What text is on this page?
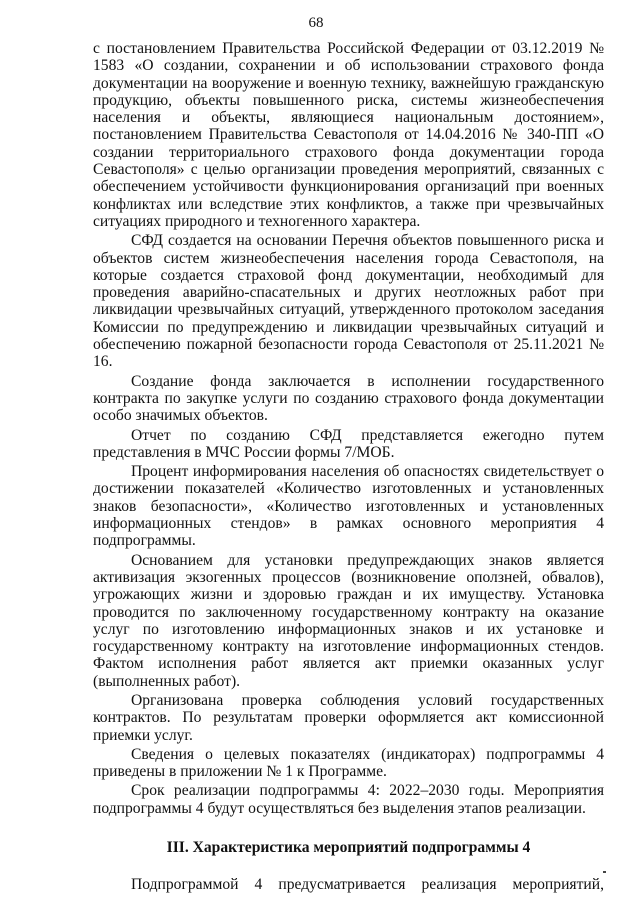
68

с постановлением Правительства Российской Федерации от 03.12.2019 № 1583 «О создании, сохранении и об использовании страхового фонда документации на вооружение и военную технику, важнейшую гражданскую продукцию, объекты повышенного риска, системы жизнеобеспечения населения и объекты, являющиеся национальным достоянием», постановлением Правительства Севастополя от 14.04.2016 № 340-ПП «О создании территориального страхового фонда документации города Севастополя» с целью организации проведения мероприятий, связанных с обеспечением устойчивости функционирования организаций при военных конфликтах или вследствие этих конфликтов, а также при чрезвычайных ситуациях природного и техногенного характера.

СФД создается на основании Перечня объектов повышенного риска и объектов систем жизнеобеспечения населения города Севастополя, на которые создается страховой фонд документации, необходимый для проведения аварийно-спасательных и других неотложных работ при ликвидации чрезвычайных ситуаций, утвержденного протоколом заседания Комиссии по предупреждению и ликвидации чрезвычайных ситуаций и обеспечению пожарной безопасности города Севастополя от 25.11.2021 № 16.

Создание фонда заключается в исполнении государственного контракта по закупке услуги по созданию страхового фонда документации особо значимых объектов.

Отчет по созданию СФД представляется ежегодно путем представления в МЧС России формы 7/МОБ.

Процент информирования населения об опасностях свидетельствует о достижении показателей «Количество изготовленных и установленных знаков безопасности», «Количество изготовленных и установленных информационных стендов» в рамках основного мероприятия 4 подпрограммы.

Основанием для установки предупреждающих знаков является активизация экзогенных процессов (возникновение оползней, обвалов), угрожающих жизни и здоровью граждан и их имуществу. Установка проводится по заключенному государственному контракту на оказание услуг по изготовлению информационных знаков и их установке и государственному контракту на изготовление информационных стендов. Фактом исполнения работ является акт приемки оказанных услуг (выполненных работ).

Организована проверка соблюдения условий государственных контрактов. По результатам проверки оформляется акт комиссионной приемки услуг.

Сведения о целевых показателях (индикаторах) подпрограммы 4 приведены в приложении № 1 к Программе.

Срок реализации подпрограммы 4: 2022–2030 годы. Мероприятия подпрограммы 4 будут осуществляться без выделения этапов реализации.

III. Характеристика мероприятий подпрограммы 4

Подпрограммой 4 предусматривается реализация мероприятий,
